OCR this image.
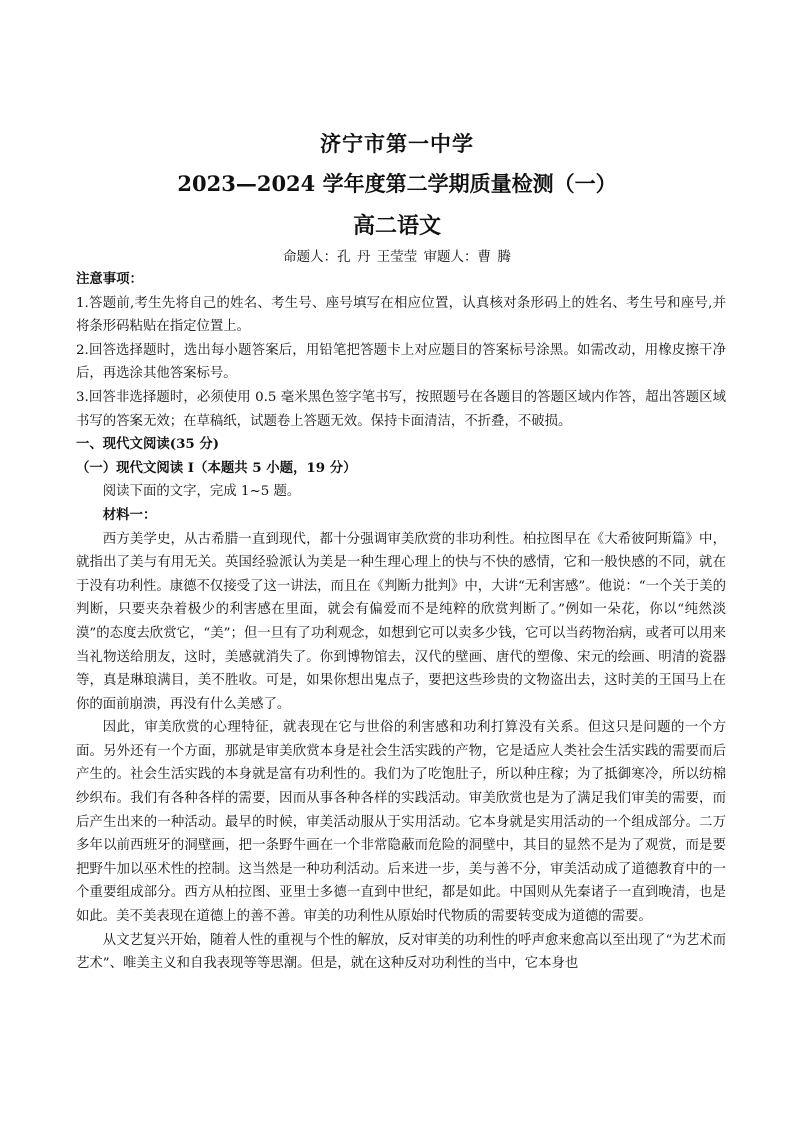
济宁市第一中学
2023—2024 学年度第二学期质量检测（一）
高二语文
命题人：孔 丹 王莹莹 审题人：曹 腾

注意事项：

1.答题前,考生先将自己的姓名、考生号、座号填写在相应位置，认真核对条形码上的姓名、考生号和座号,并将条形码粘贴在指定位置上。

2.回答选择题时，选出每小题答案后，用铅笔把答题卡上对应题目的答案标号涂黑。如需改动，用橡皮擦干净后，再选涂其他答案标号。

3.回答非选择题时，必须使用 0.5 毫米黑色签字笔书写，按照题号在各题目的答题区域内作答，超出答题区域书写的答案无效；在草稿纸，试题卷上答题无效。保持卡面清洁，不折叠，不破损。

一、现代文阅读(35 分)

（一）现代文阅读 I（本题共 5 小题，19 分）

阅读下面的文字，完成 1~5 题。

材料一：

西方美学史，从古希腊一直到现代，都十分强调审美欣赏的非功利性。柏拉图早在《大希彼阿斯篇》中，就指出了美与有用无关。英国经验派认为美是一种生理心理上的快与不快的感情，它和一般快感的不同，就在于没有功利性。康德不仅接受了这一讲法，而且在《判断力批判》中，大讲“无利害感”。他说：“一个关于美的判断，只要夹杂着极少的利害感在里面，就会有偏爱而不是纯粹的欣赏判断了。”例如一朵花，你以“纯然淡漠”的态度去欣赏它，“美”；但一旦有了功利观念，如想到它可以卖多少钱，它可以当药物治病，或者可以用来当礼物送给朋友，这时，美感就消失了。你到博物馆去，汉代的壁画、唐代的塑像、宋元的绘画、明清的瓷器等，真是琳琅满目，美不胜收。可是，如果你想出鬼点子，要把这些珍贵的文物盗出去，这时美的王国马上在你的面前崩溃，再没有什么美感了。

因此，审美欣赏的心理特征，就表现在它与世俗的利害感和功利打算没有关系。但这只是问题的一个方面。另外还有一个方面，那就是审美欣赏本身是社会生活实践的产物，它是适应人类社会生活实践的需要而后产生的。社会生活实践的本身就是富有功利性的。我们为了吃饱肚子，所以种庄稼；为了抵御寒冷，所以纺棉纱织布。我们有各种各样的需要，因而从事各种各样的实践活动。审美欣赏也是为了满足我们审美的需要，而后产生出来的一种活动。最早的时候，审美活动服从于实用活动。它本身就是实用活动的一个组成部分。二万多年以前西班牙的洞壁画，把一条野牛画在一个非常隐蔽而危险的洞壁中，其目的显然不是为了观赏，而是要把野牛加以巫术性的控制。这当然是一种功利活动。后来进一步，美与善不分，审美活动成了道德教育中的一个重要组成部分。西方从柏拉图、亚里士多德一直到中世纪，都是如此。中国则从先秦诸子一直到晚清，也是如此。美不美表现在道德上的善不善。审美的功利性从原始时代物质的需要转变成为道德的需要。

从文艺复兴开始，随着人性的重视与个性的解放，反对审美的功利性的呼声愈来愈高以至出现了“为艺术而艺术”、唯美主义和自我表现等等思潮。但是，就在这种反对功利性的当中，它本身也
